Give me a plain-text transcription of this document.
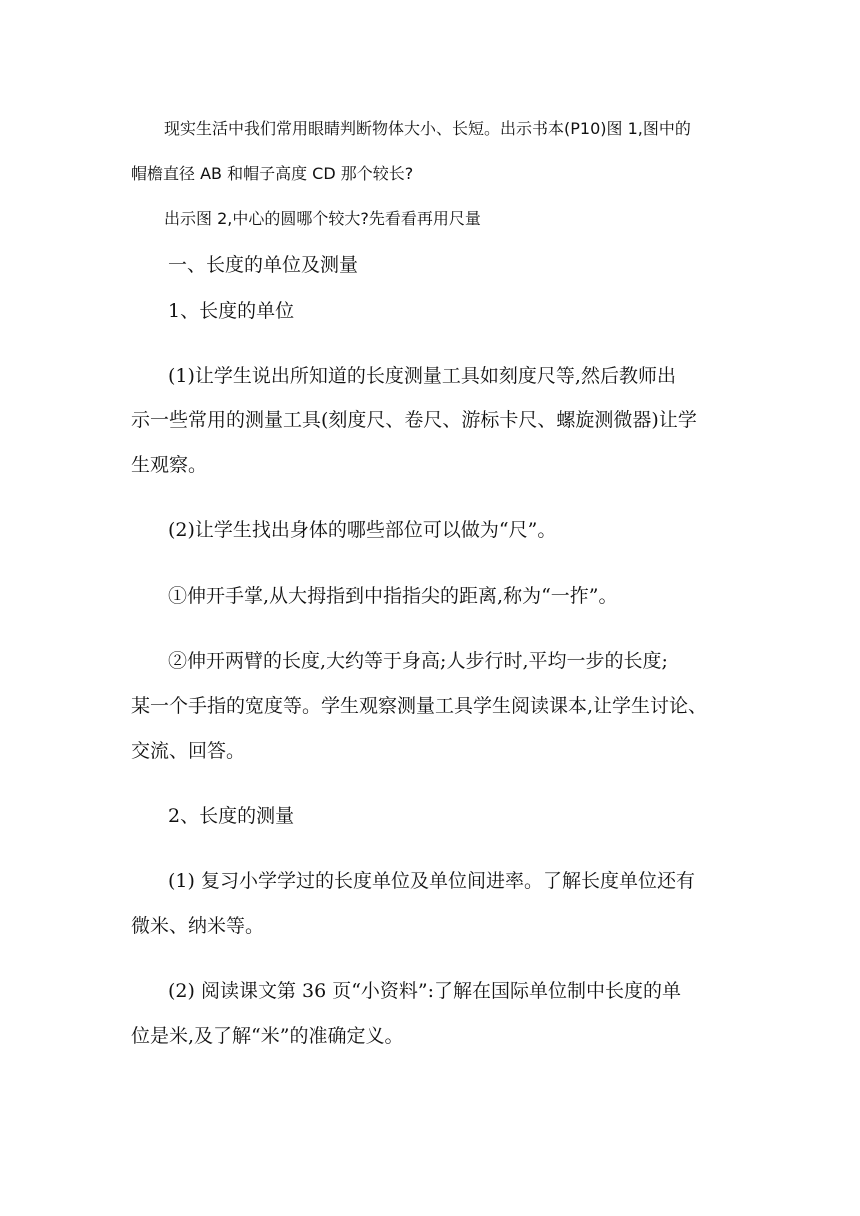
现实生活中我们常用眼睛判断物体大小、长短。出示书本(P10)图 1,图中的
帽檐直径 AB 和帽子高度 CD 那个较长?
出示图 2,中心的圆哪个较大?先看看再用尺量
一、长度的单位及测量
1、长度的单位
(1)让学生说出所知道的长度测量工具如刻度尺等,然后教师出
示一些常用的测量工具(刻度尺、卷尺、游标卡尺、螺旋测微器)让学
生观察。
(2)让学生找出身体的哪些部位可以做为“尺”。
①伸开手掌,从大拇指到中指指尖的距离,称为“一拃”。
②伸开两臂的长度,大约等于身高;人步行时,平均一步的长度;
某一个手指的宽度等。学生观察测量工具学生阅读课本,让学生讨论、
交流、回答。
2、长度的测量
(1) 复习小学学过的长度单位及单位间进率。了解长度单位还有
微米、纳米等。
(2) 阅读课文第 36 页“小资料”:了解在国际单位制中长度的单
位是米,及了解“米”的准确定义。
